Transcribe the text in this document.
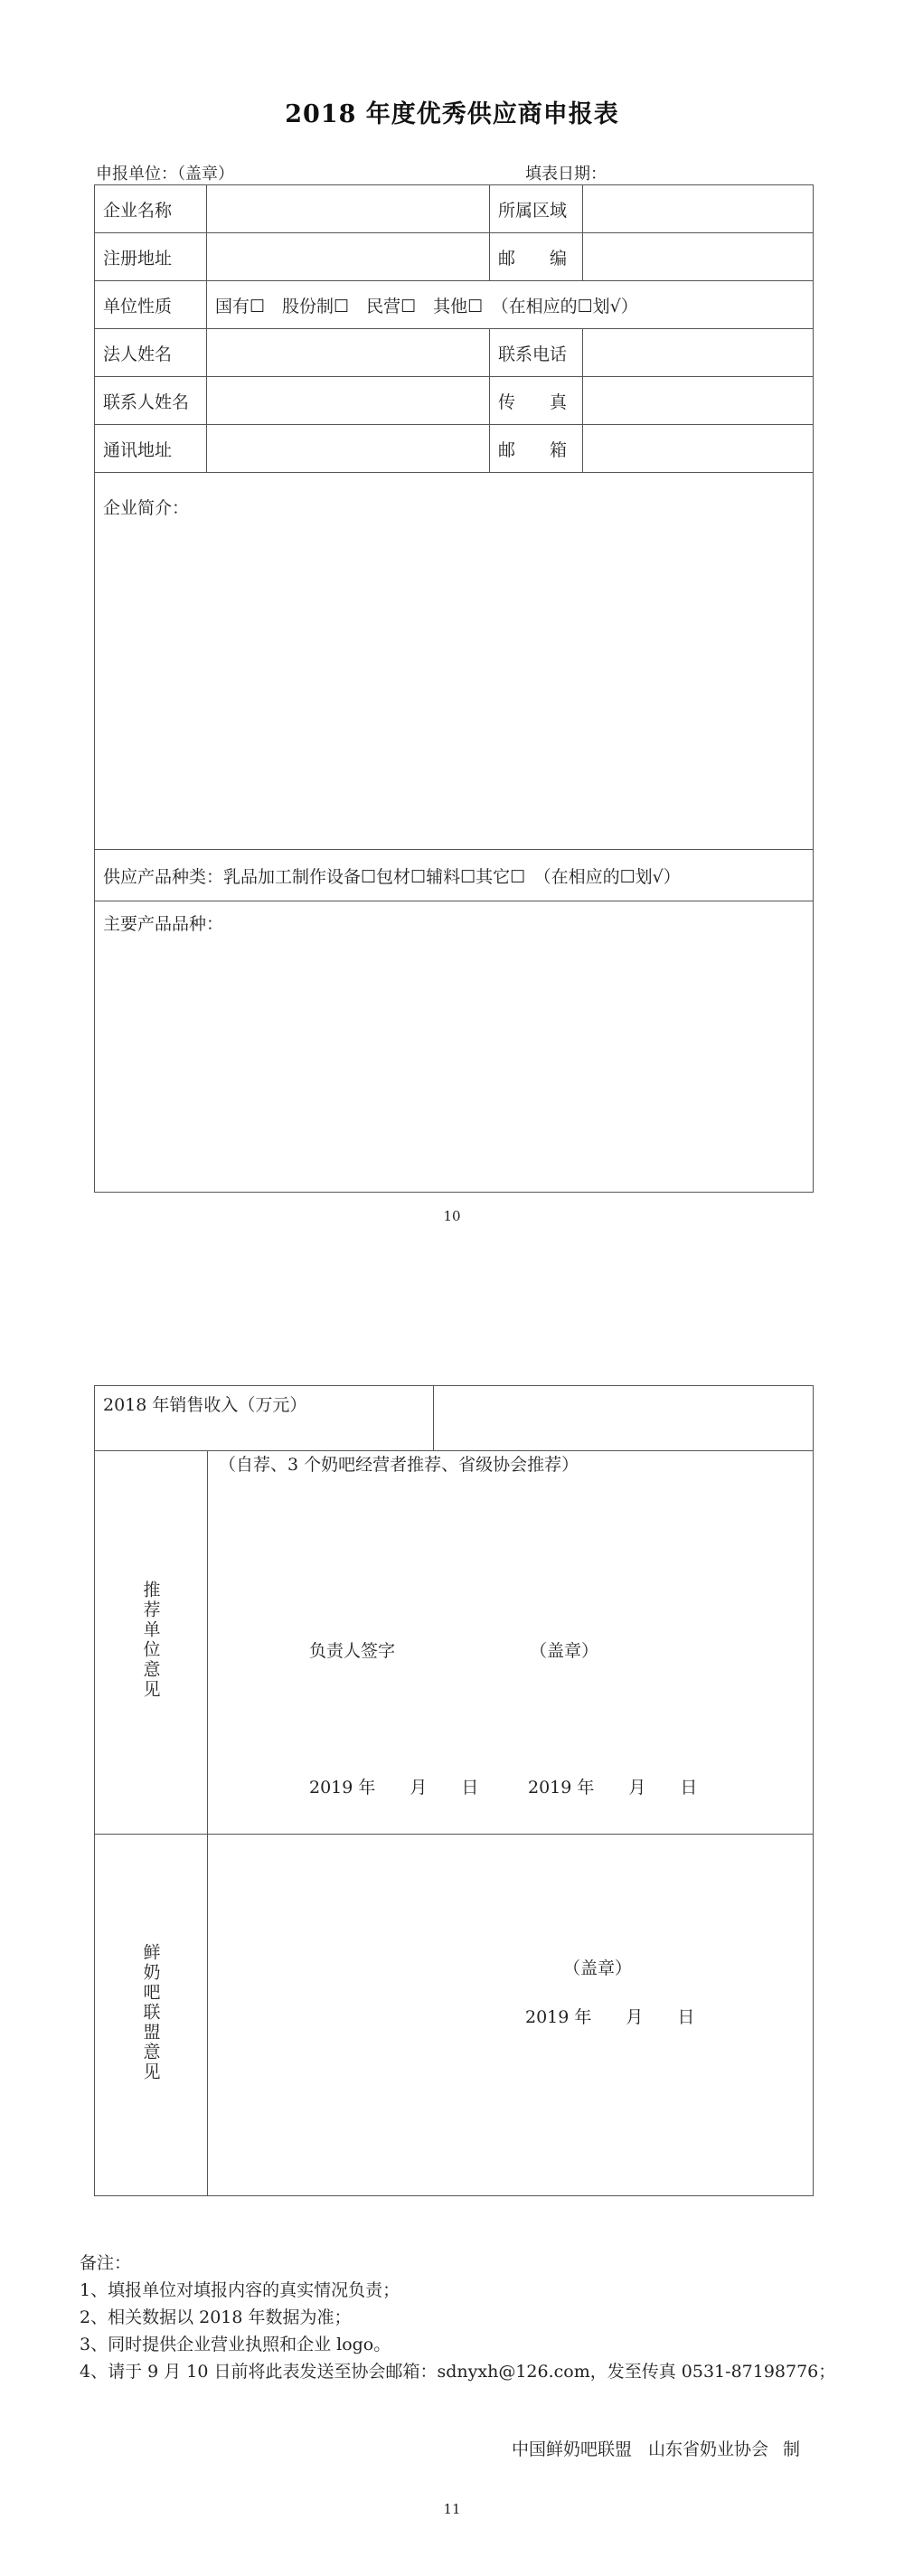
2018 年度优秀供应商申报表
申报单位：（盖章）	填表日期：
企业名称		所属区域	
注册地址		邮　　编	
单位性质	国有☐　股份制☐　民营☐　其他☐　（在相应的☐划√）		
法人姓名		联系电话	
联系人姓名		传　　真	
通讯地址		邮　　箱	
企业简介：			
供应产品种类：乳品加工制作设备☐包材☐辅料☐其它☐　（在相应的☐划√）			
主要产品品种：			
10
2018 年销售收入（万元）		
推荐单位意见	（自荐、3 个奶吧经营者推荐、省级协会推荐）
负责人签字 （盖章）
2019 年　　月　　日 2019 年　　月　　日	

鲜奶吧联盟意见	（盖章）
2019 年　　月　　日	
备注：
1、填报单位对填报内容的真实情况负责；
2、相关数据以 2018 年数据为准；
3、同时提供企业营业执照和企业 logo。
4、请于 9 月 10 日前将此表发送至协会邮箱：sdnyxh@126.com，发至传真 0531-87198776；
中国鲜奶吧联盟 山东省奶业协会 制
11
